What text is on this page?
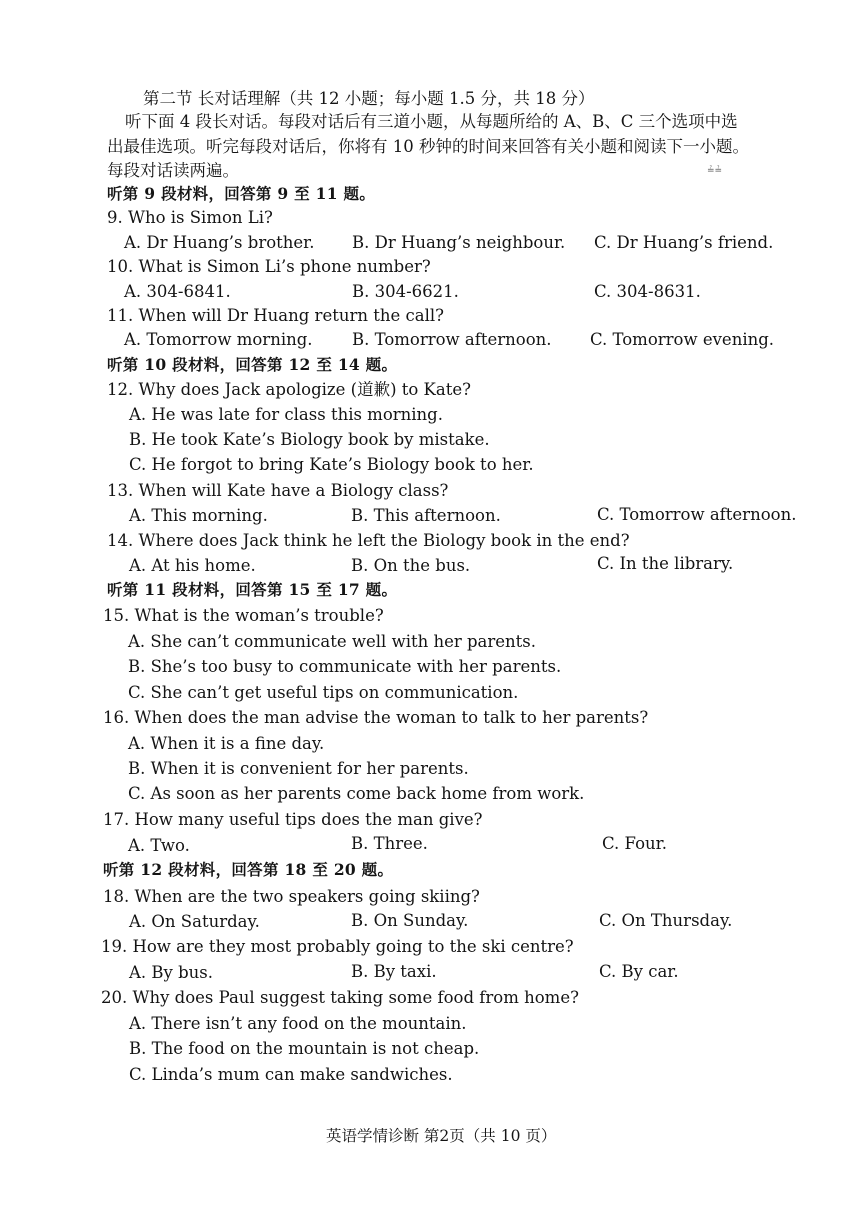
第二节 长对话理解（共 12 小题；每小题 1.5 分，共 18 分）
听下面 4 段长对话。每段对话后有三道小题，从每题所给的 A、B、C 三个选项中选
出最佳选项。听完每段对话后，你将有 10 秒钟的时间来回答有关小题和阅读下一小题。
每段对话读两遍。	≟≟
听第 9 段材料，回答第 9 至 11 题。
9. Who is Simon Li?
A. Dr Huang’s brother. B. Dr Huang’s neighbour. C. Dr Huang’s friend.
10. What is Simon Li’s phone number?
A. 304-6841.	B. 304-6621.	C. 304-8631.
11. When will Dr Huang return the call?
A. Tomorrow morning. B. Tomorrow afternoon. C. Tomorrow evening.
听第 10 段材料，回答第 12 至 14 题。
12. Why does Jack apologize (道歉) to Kate?
A. He was late for class this morning.
B. He took Kate’s Biology book by mistake.
C. He forgot to bring Kate’s Biology book to her.
13. When will Kate have a Biology class?
A. This morning.	B. This afternoon.	C. Tomorrow afternoon.
14. Where does Jack think he left the Biology book in the end?
A. At his home.	B. On the bus.	C. In the library.
听第 11 段材料，回答第 15 至 17 题。
15. What is the woman’s trouble?
A. She can’t communicate well with her parents.
B. She’s too busy to communicate with her parents.
C. She can’t get useful tips on communication.
16. When does the man advise the woman to talk to her parents?
A. When it is a fine day.
B. When it is convenient for her parents.
C. As soon as her parents come back home from work.
17. How many useful tips does the man give?
A. Two.	B. Three.	C. Four.
听第 12 段材料，回答第 18 至 20 题。
18. When are the two speakers going skiing?
A. On Saturday.	B. On Sunday.	C. On Thursday.
19. How are they most probably going to the ski centre?
A. By bus.	B. By taxi.	C. By car.
20. Why does Paul suggest taking some food from home?
A. There isn’t any food on the mountain.
B. The food on the mountain is not cheap.
C. Linda’s mum can make sandwiches.
英语学情诊断 第2页（共 10 页）
